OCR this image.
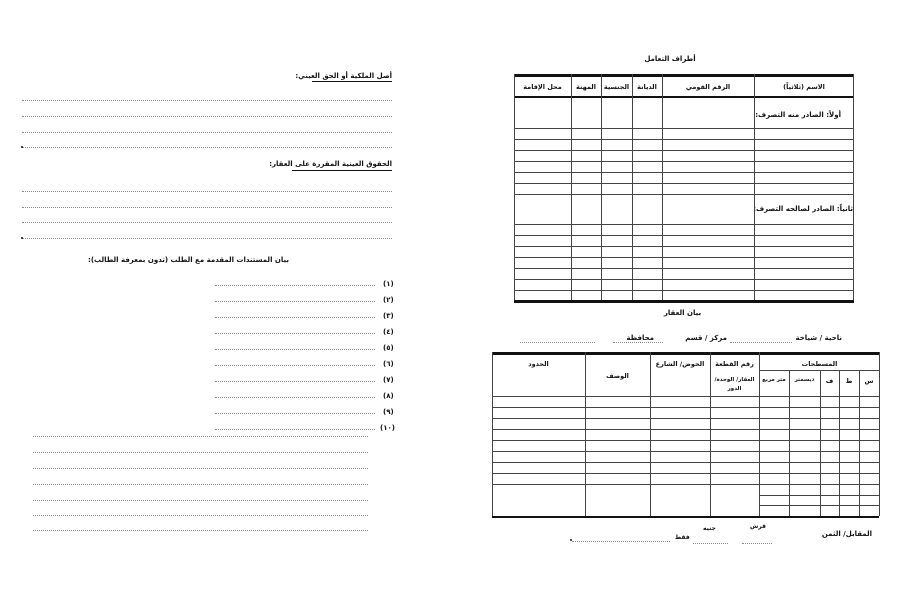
أصل الملكية أو الحق العيني:
الحقوق العينية المقررة على العقار:
بيان المستندات المقدمة مع الطلب (تدون بمعرفة الطالب):
(١)
(٢)
(٣)
(٤)
(٥)
(٦)
(٧)
(٨)
(٩)
(١٠)
أطراف التعامل
الاسم (ثلاثياً)
الرقم القومي
الديانة
الجنسية
المهنة
محل الإقامة
أولاً: الصادر منه التصرف:
ثانياً: الصادر لصالحه التصرف:
بيان العقار
ناحية / شياخة
مركز / قسم
محافظة
المسطحات
س
ط
ف
ديسمتر
متر مربع
رقم القطعة
العقار/ الوحدة/ الدور
الحوض/ الشارع
الوصف
الحدود
المقابل/ الثمن
قرش
جنيه
فقط
